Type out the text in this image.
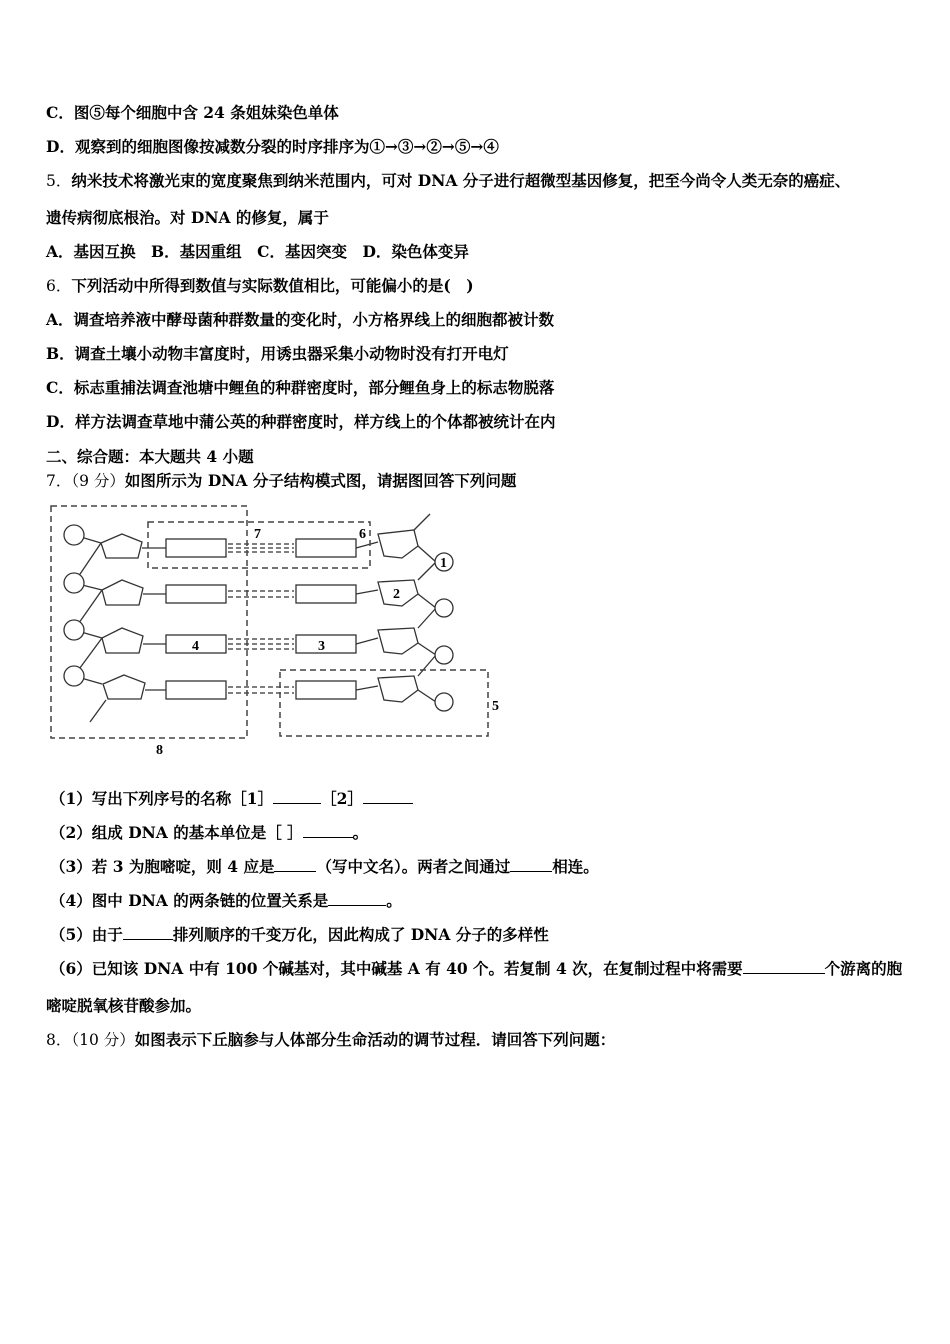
C．图⑤每个细胞中含 24 条姐妹染色单体
D．观察到的细胞图像按减数分裂的时序排序为①→③→②→⑤→④
5．纳米技术将激光束的宽度聚焦到纳米范围内，可对 DNA 分子进行超微型基因修复，把至今尚令人类无奈的癌症、
遗传病彻底根治。对 DNA 的修复，属于
A．基因互换　B．基因重组　C．基因突变　D．染色体变异
6．下列活动中所得到数值与实际数值相比，可能偏小的是(　)
A．调查培养液中酵母菌种群数量的变化时，小方格界线上的细胞都被计数
B．调查土壤小动物丰富度时，用诱虫器采集小动物时没有打开电灯
C．标志重捕法调查池塘中鲤鱼的种群密度时，部分鲤鱼身上的标志物脱落
D．样方法调查草地中蒲公英的种群密度时，样方线上的个体都被统计在内
二、综合题：本大题共 4 小题
7．（9 分）如图所示为 DNA 分子结构模式图，请据图回答下列问题
1
2
3
4
5
6
7
8
（1）写出下列序号的名称［1］	［2］
（2）组成 DNA 的基本单位是［ ］	。
（3）若 3 为胞嘧啶，则 4 应是	（写中文名）。两者之间通过	相连。
（4）图中 DNA 的两条链的位置关系是	。
（5）由于	排列顺序的千变万化，因此构成了 DNA 分子的多样性
（6）已知该 DNA 中有 100 个碱基对，其中碱基 A 有 40 个。若复制 4 次，在复制过程中将需要	个游离的胞
嘧啶脱氧核苷酸参加。
8．（10 分）如图表示下丘脑参与人体部分生命活动的调节过程．请回答下列问题：
